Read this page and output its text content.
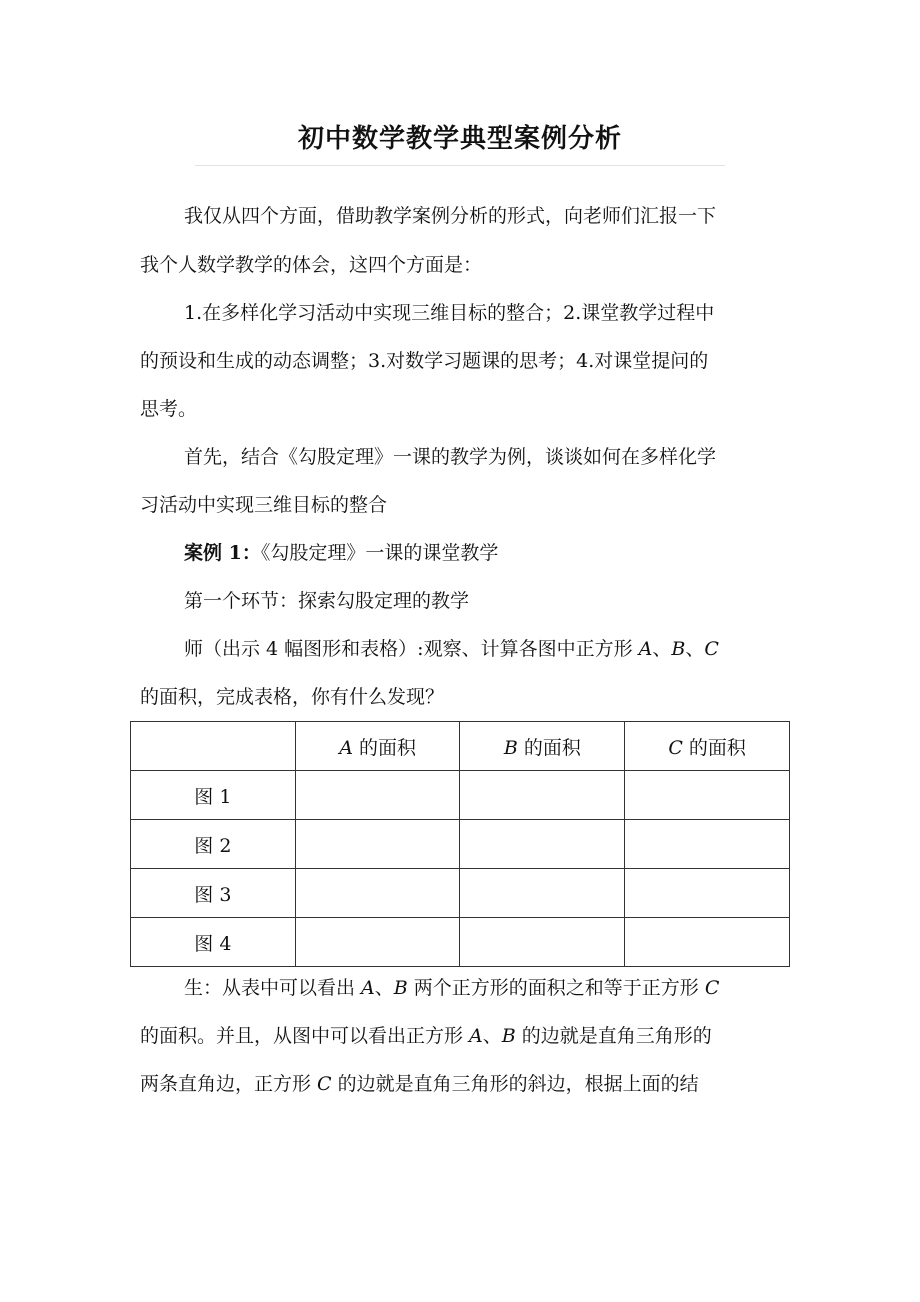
初中数学教学典型案例分析
我仅从四个方面，借助教学案例分析的形式，向老师们汇报一下
我个人数学教学的体会，这四个方面是：
1.在多样化学习活动中实现三维目标的整合；2.课堂教学过程中
的预设和生成的动态调整；3.对数学习题课的思考；4.对课堂提问的
思考。
首先，结合《勾股定理》一课的教学为例，谈谈如何在多样化学
习活动中实现三维目标的整合
案例 1：《勾股定理》一课的课堂教学
第一个环节：探索勾股定理的教学
师（出示 4 幅图形和表格）:观察、计算各图中正方形 A、B、C
的面积，完成表格，你有什么发现？
	A 的面积	B 的面积	C 的面积
图 1			
图 2			
图 3			
图 4			
生：从表中可以看出 A、B 两个正方形的面积之和等于正方形 C
的面积。并且，从图中可以看出正方形 A、B 的边就是直角三角形的
两条直角边，正方形 C 的边就是直角三角形的斜边，根据上面的结
